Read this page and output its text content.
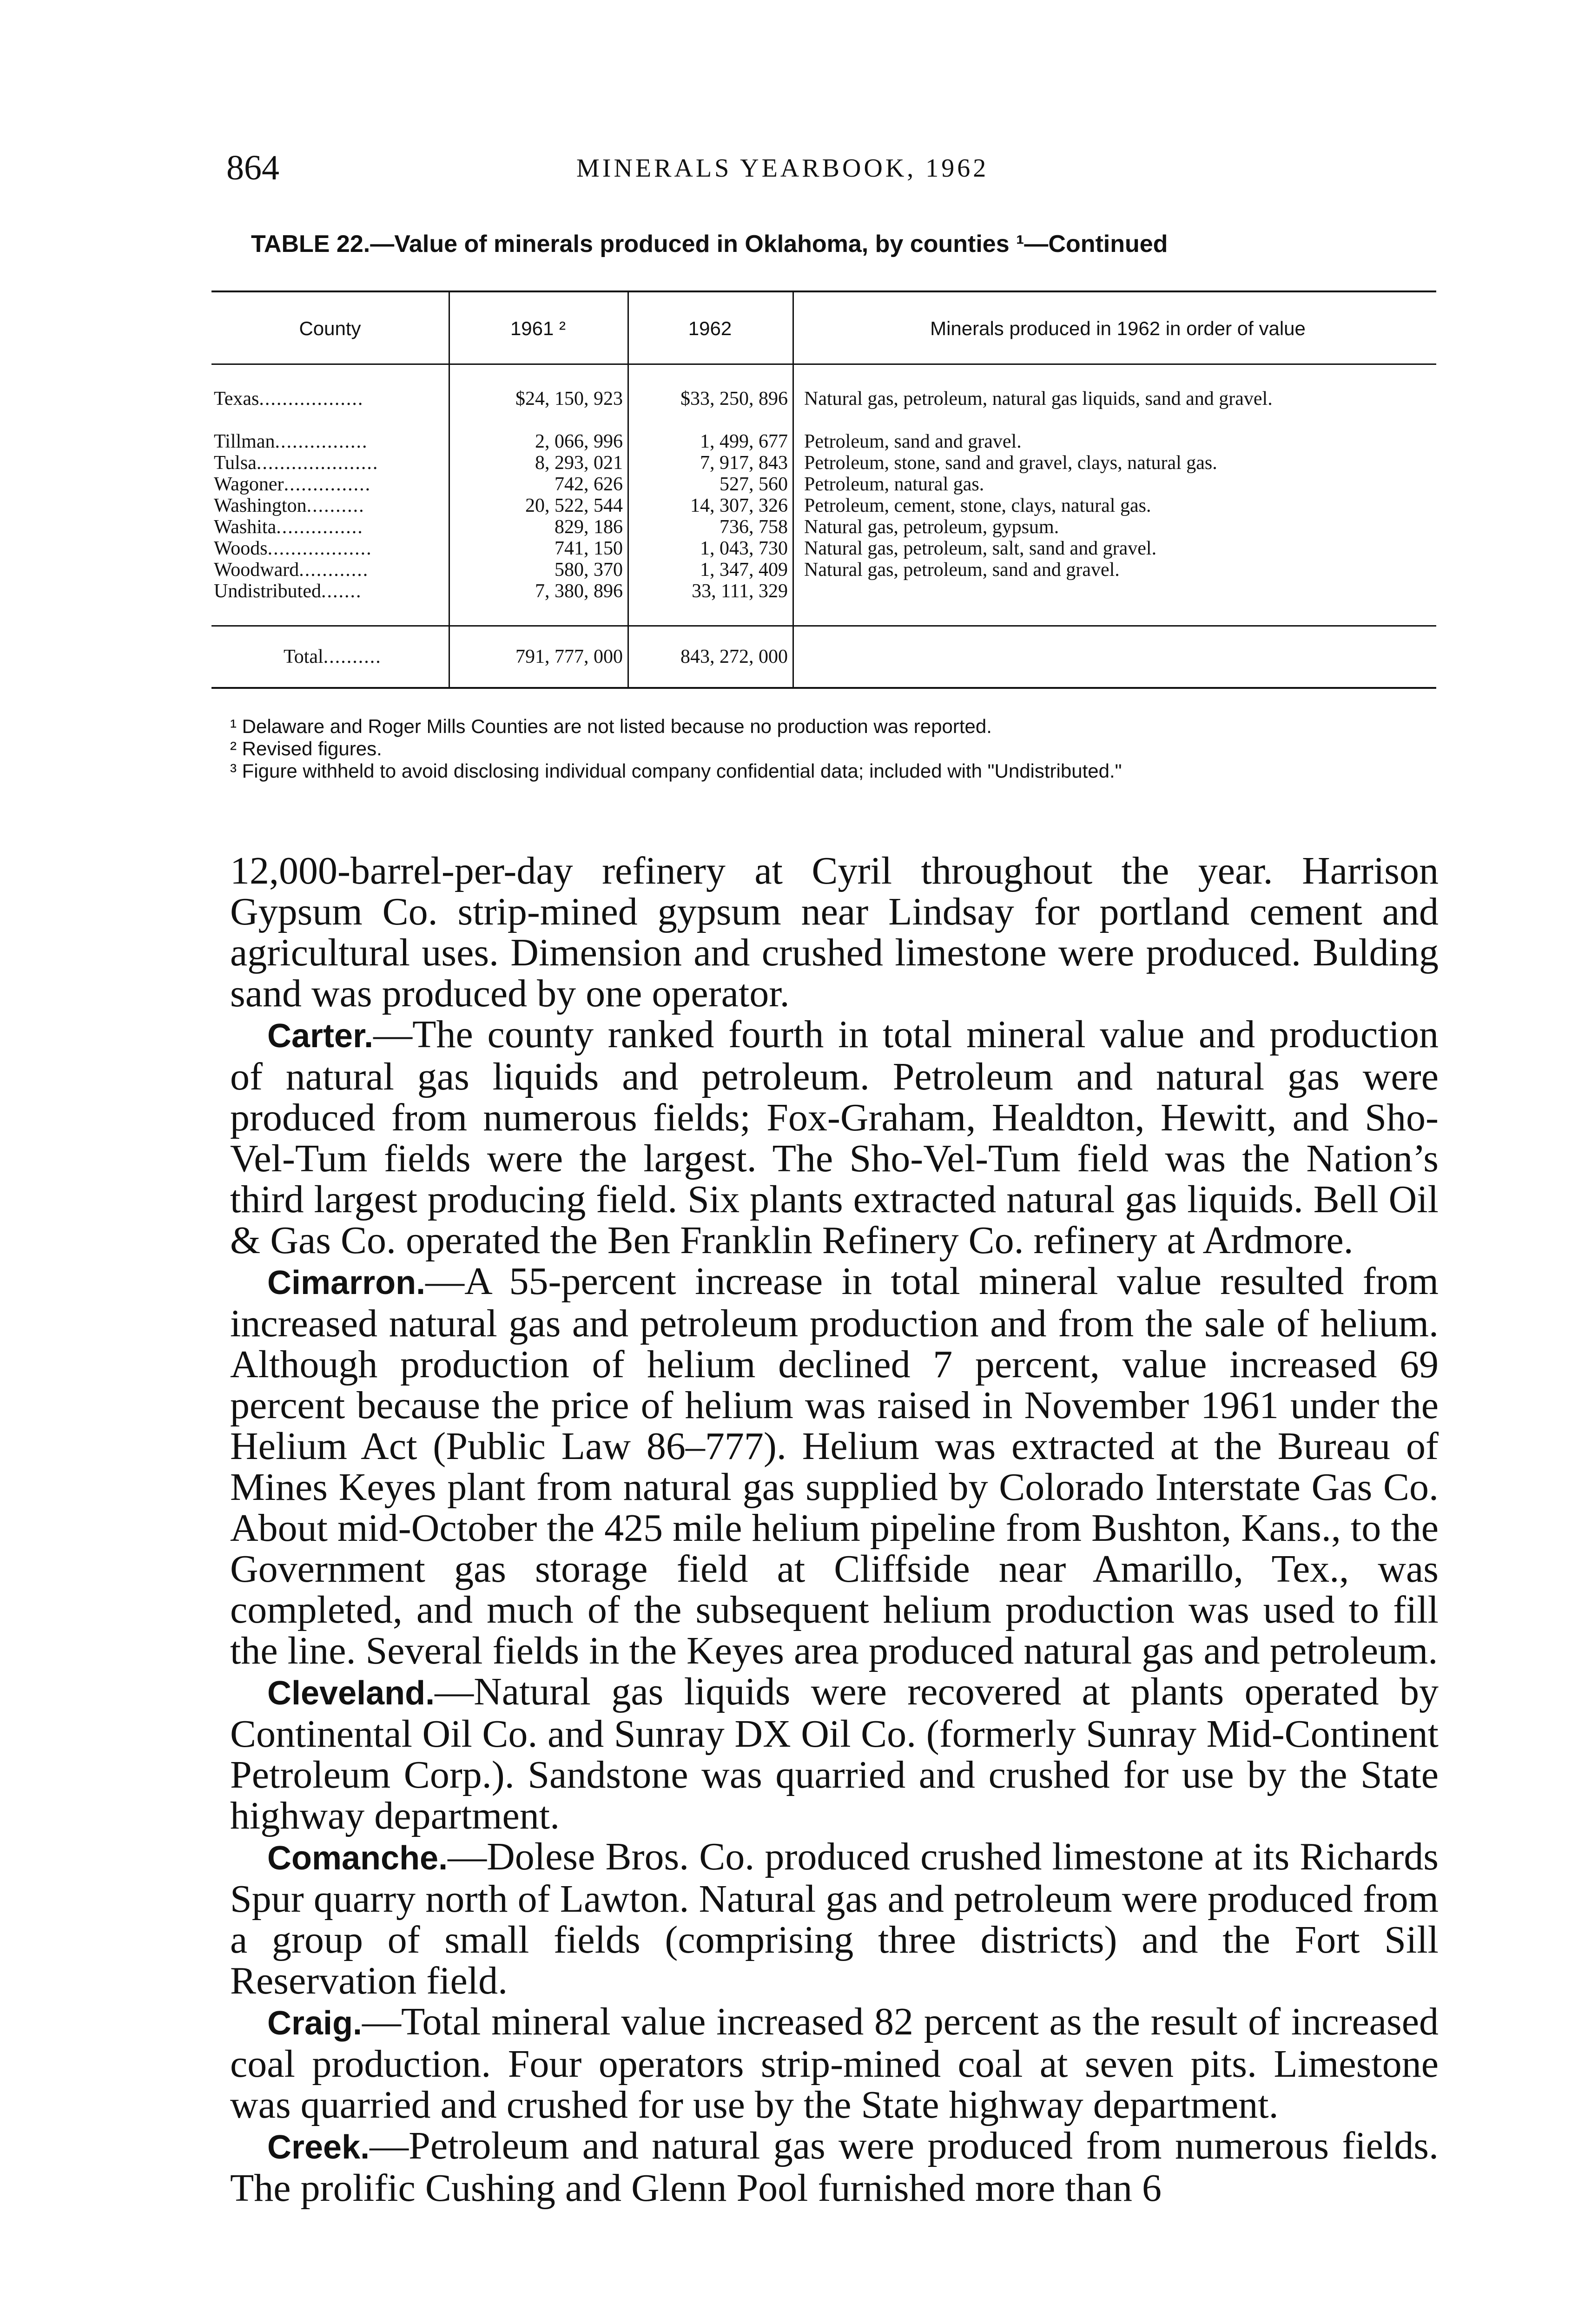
864	MINERALS YEARBOOK, 1962
TABLE 22.—Value of minerals produced in Oklahoma, by counties ¹—Continued
County	1961 ²	1962	Minerals produced in 1962 in order of value
Texas..................	$24, 150, 923	$33, 250, 896 Natural gas, petroleum, natural gas liquids, sand and gravel.
Tillman................	2, 066, 996	1, 499, 677 Petroleum, sand and gravel.
Tulsa.....................	8, 293, 021	7, 917, 843 Petroleum, stone, sand and gravel, clays, natural gas.
Wagoner...............	742, 626	527, 560 Petroleum, natural gas.
Washington..........	20, 522, 544	14, 307, 326 Petroleum, cement, stone, clays, natural gas.
Washita...............	829, 186	736, 758 Natural gas, petroleum, gypsum.
Woods..................	741, 150	1, 043, 730 Natural gas, petroleum, salt, sand and gravel.
Woodward............	580, 370	1, 347, 409 Natural gas, petroleum, sand and gravel.
Undistributed.......	7, 380, 896	33, 111, 329
Total..........	791, 777, 000	843, 272, 000
¹ Delaware and Roger Mills Counties are not listed because no production was reported.
² Revised figures.
³ Figure withheld to avoid disclosing individual company confidential data; included with "Undistributed."

12,000-barrel-per-day refinery at Cyril throughout the year. Harrison Gypsum Co. strip-mined gypsum near Lindsay for portland cement and agricultural uses. Dimension and crushed limestone were produced. Bulding sand was produced by one operator.

Carter.—The county ranked fourth in total mineral value and production of natural gas liquids and petroleum. Petroleum and natural gas were produced from numerous fields; Fox-Graham, Healdton, Hewitt, and Sho-Vel-Tum fields were the largest. The Sho-Vel-Tum field was the Nation’s third largest producing field. Six plants extracted natural gas liquids. Bell Oil & Gas Co. operated the Ben Franklin Refinery Co. refinery at Ardmore.

Cimarron.—A 55-percent increase in total mineral value resulted from increased natural gas and petroleum production and from the sale of helium. Although production of helium declined 7 percent, value increased 69 percent because the price of helium was raised in November 1961 under the Helium Act (Public Law 86–777). Helium was extracted at the Bureau of Mines Keyes plant from natural gas supplied by Colorado Interstate Gas Co. About mid-October the 425 mile helium pipeline from Bushton, Kans., to the Government gas storage field at Cliffside near Amarillo, Tex., was completed, and much of the subsequent helium production was used to fill the line. Several fields in the Keyes area produced natural gas and petroleum.

Cleveland.—Natural gas liquids were recovered at plants operated by Continental Oil Co. and Sunray DX Oil Co. (formerly Sunray Mid-Continent Petroleum Corp.). Sandstone was quarried and crushed for use by the State highway department.

Comanche.—Dolese Bros. Co. produced crushed limestone at its Richards Spur quarry north of Lawton. Natural gas and petroleum were produced from a group of small fields (comprising three districts) and the Fort Sill Reservation field.

Craig.—Total mineral value increased 82 percent as the result of increased coal production. Four operators strip-mined coal at seven pits. Limestone was quarried and crushed for use by the State highway department.

Creek.—Petroleum and natural gas were produced from numerous fields. The prolific Cushing and Glenn Pool furnished more than 6
